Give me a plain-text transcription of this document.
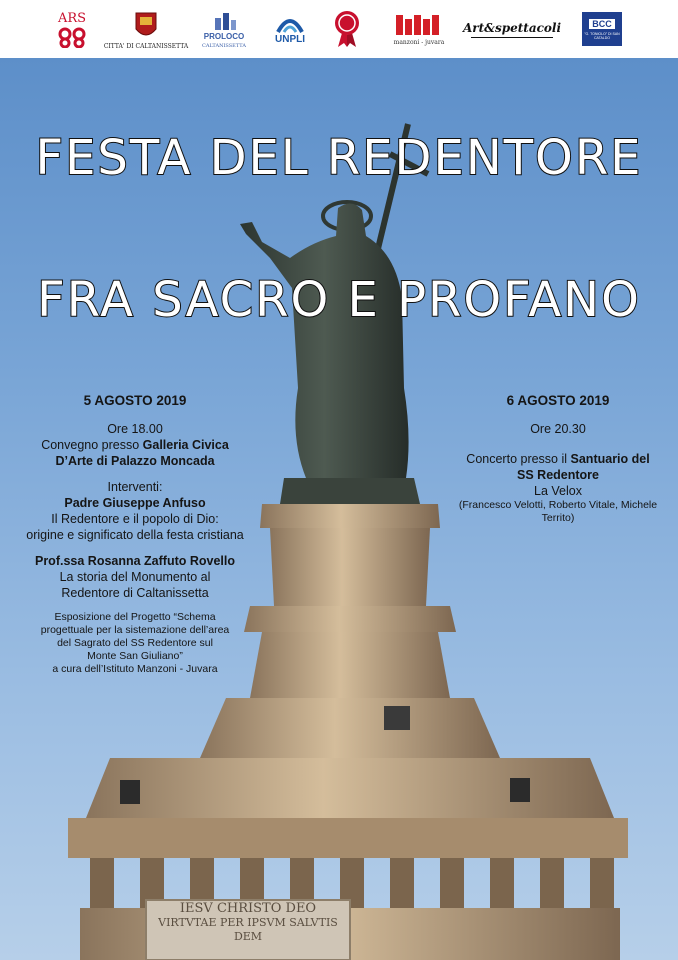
ARS
CITTA' DI CALTANISSETTA
PROLOCO
CALTANISSETTA
UNPLI	manzoni - juvara
Art&spettacoli	BCC
"G. TONIOLO" DI SAN CATALDO
IESV CHRISTO DEO
VIRTVTAE PER IPSVM SALVTIS
DEM
FESTA DEL REDENTORE
FRA SACRO E PROFANO
5 AGOSTO 2019
Ore 18.00
Convegno presso Galleria Civica
D’Arte di Palazzo Moncada
Interventi:
Padre Giuseppe Anfuso
Il Redentore e il popolo di Dio:
origine e significato della festa cristiana
Prof.ssa Rosanna Zaffuto Rovello
La storia del Monumento al
Redentore di Caltanissetta
Esposizione del Progetto “Schema
progettuale per la sistemazione dell’area
del Sagrato del SS Redentore sul
Monte San Giuliano”
a cura dell’Istituto Manzoni - Juvara
6 AGOSTO 2019
Ore 20.30
Concerto presso il Santuario del
SS Redentore
La Velox
(Francesco Velotti, Roberto Vitale, Michele
Territo)
